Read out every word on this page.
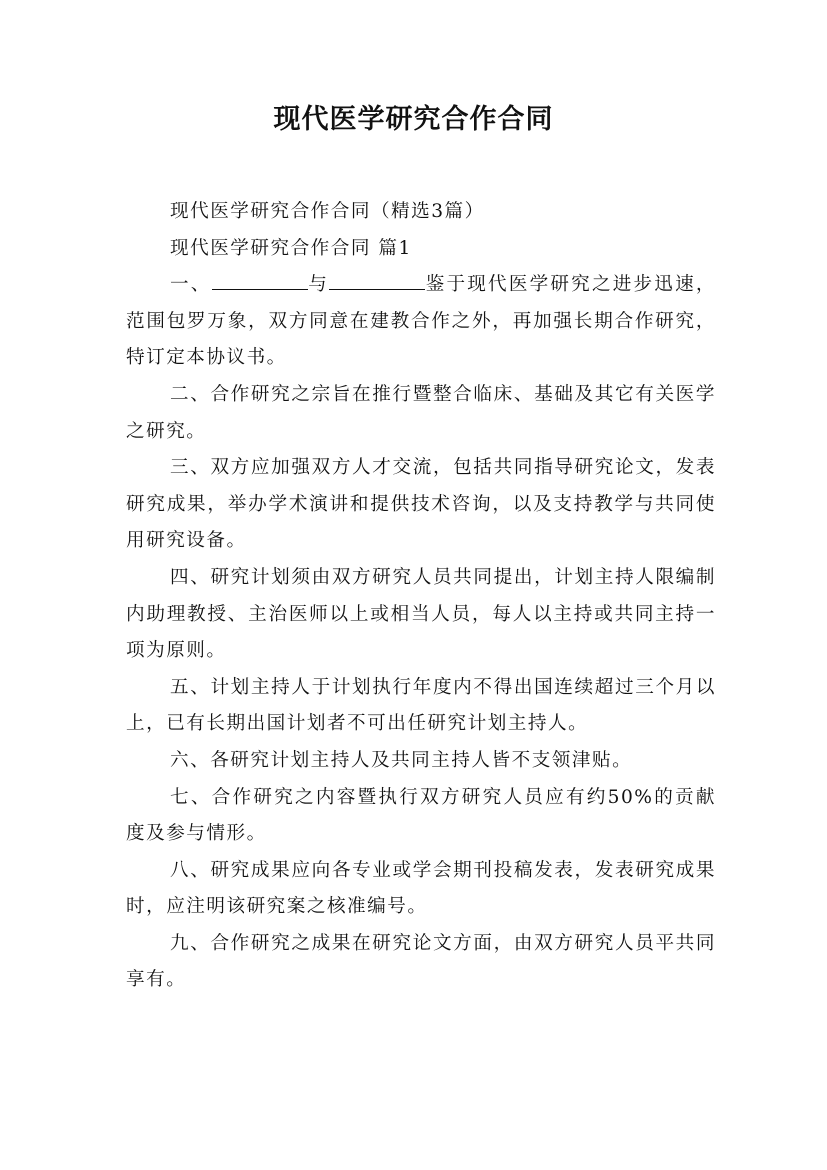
现代医学研究合作合同

现代医学研究合作合同（精选3篇）

现代医学研究合作合同 篇1

一、	与	鉴于现代医学研究之进步迅速，范围包罗万象，双方同意在建教合作之外，再加强长期合作研究，特订定本协议书。

二、合作研究之宗旨在推行暨整合临床、基础及其它有关医学之研究。

三、双方应加强双方人才交流，包括共同指导研究论文，发表研究成果，举办学术演讲和提供技术咨询，以及支持教学与共同使用研究设备。

四、研究计划须由双方研究人员共同提出，计划主持人限编制内助理教授、主治医师以上或相当人员，每人以主持或共同主持一项为原则。

五、计划主持人于计划执行年度内不得出国连续超过三个月以上，已有长期出国计划者不可出任研究计划主持人。

六、各研究计划主持人及共同主持人皆不支领津贴。

七、合作研究之内容暨执行双方研究人员应有约50%的贡献度及参与情形。

八、研究成果应向各专业或学会期刊投稿发表，发表研究成果时，应注明该研究案之核准编号。

九、合作研究之成果在研究论文方面，由双方研究人员平共同享有。
